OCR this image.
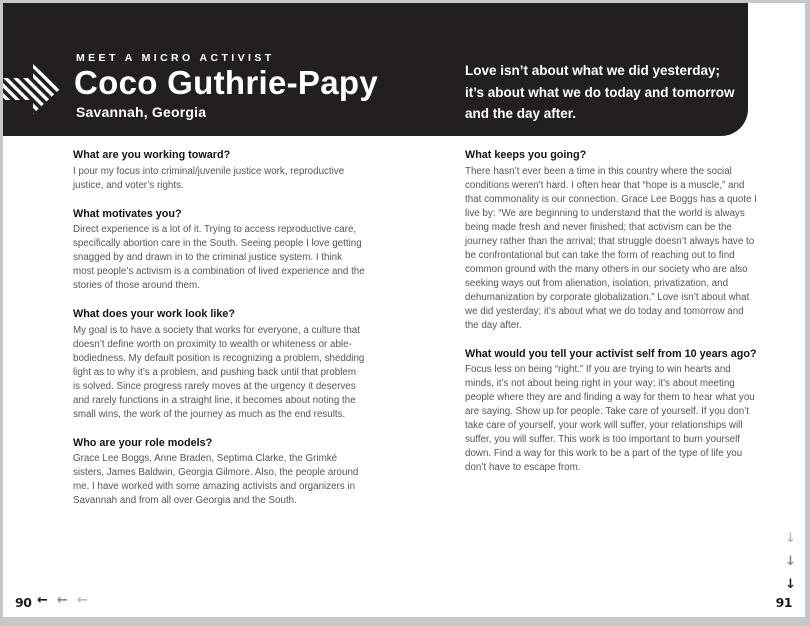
MEET A MICRO ACTIVIST
Coco Guthrie-Papy
Savannah, Georgia
Love isn’t about what we did yesterday;
it’s about what we do today and tomorrow
and the day after.
What are you working toward?

I pour my focus into criminal/juvenile justice work, reproductive justice, and voter’s rights.

What motivates you?

Direct experience is a lot of it. Trying to access reproductive care, specifically abortion care in the South. Seeing people I love getting snagged by and drawn in to the criminal justice system. I think most people’s activism is a combination of lived experience and the stories of those around them.

What does your work look like?

My goal is to have a society that works for everyone, a culture that doesn’t define worth on proximity to wealth or whiteness or able-bodiedness. My default position is recognizing a problem, shedding light as to why it’s a problem, and pushing back until that problem is solved. Since progress rarely moves at the urgency it deserves and rarely functions in a straight line, it becomes about noting the small wins, the work of the journey as much as the end results.

Who are your role models?

Grace Lee Boggs, Anne Braden, Septima Clarke, the Grimké sisters, James Baldwin, Georgia Gilmore. Also, the people around me. I have worked with some amazing activists and organizers in Savannah and from all over Georgia and the South.

What keeps you going?

There hasn’t ever been a time in this country where the social conditions weren’t hard. I often hear that “hope is a muscle,” and that commonality is our connection. Grace Lee Boggs has a quote I live by: “We are beginning to understand that the world is always being made fresh and never finished; that activism can be the journey rather than the arrival; that struggle doesn’t always have to be confrontational but can take the form of reaching out to find common ground with the many others in our society who are also seeking ways out from alienation, isolation, privatization, and dehumanization by corporate globalization.” Love isn’t about what we did yesterday; it’s about what we do today and tomorrow and the day after.

What would you tell your activist self from 10 years ago?

Focus less on being “right.” If you are trying to win hearts and minds, it’s not about being right in your way; it’s about meeting people where they are and finding a way for them to hear what you are saying. Show up for people. Take care of yourself. If you don’t take care of yourself, your work will suffer, your relationships will suffer, you will suffer. This work is too important to burn yourself down. Find a way for this work to be a part of the type of life you don’t have to escape from.

90 ← ← ←
↓
↓
↓
91
